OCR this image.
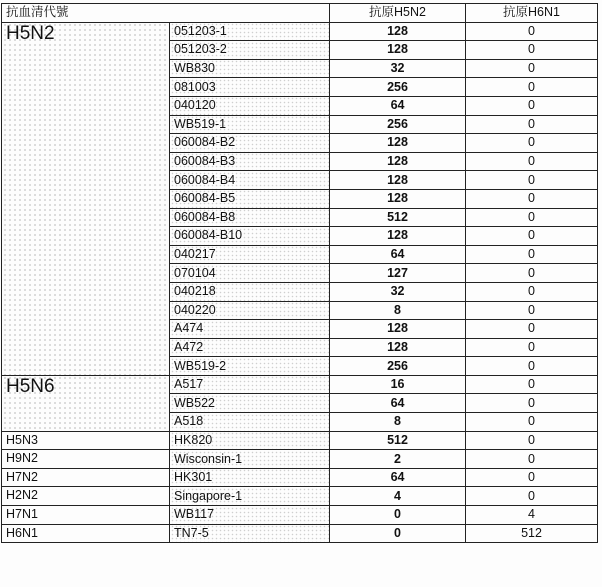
抗血清代號		抗原H5N2	抗原H6N1
H5N2	051203-1	128	0
	051203-2	128	0
	WB830	32	0
	081003	256	0
	040120	64	0
	WB519-1	256	0
	060084-B2	128	0
	060084-B3	128	0
	060084-B4	128	0
	060084-B5	128	0
	060084-B8	512	0
	060084-B10	128	0
	040217	64	0
	070104	127	0
	040218	32	0
	040220	8	0
	A474	128	0
	A472	128	0
	WB519-2	256	0
H5N6	A517	16	0
	WB522	64	0
	A518	8	0
H5N3	HK820	512	0
H9N2	Wisconsin-1	2	0
H7N2	HK301	64	0
H2N2	Singapore-1	4	0
H7N1	WB117	0	4
H6N1	TN7-5	0	512
